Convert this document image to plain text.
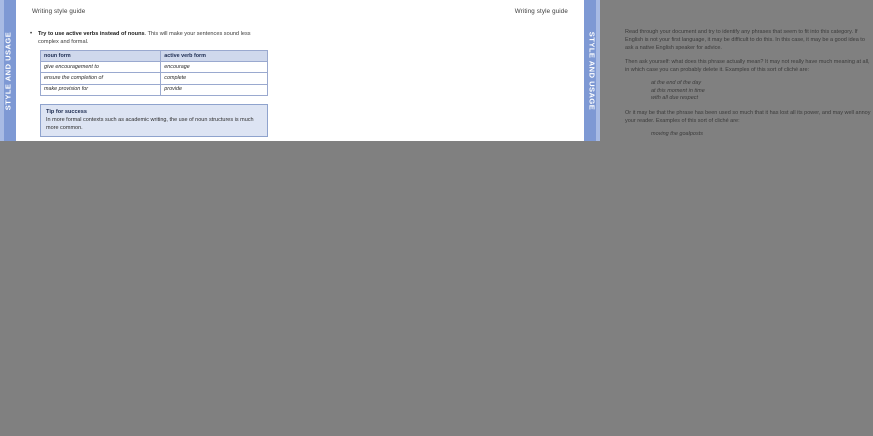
Writing style guide
•	Try to use active verbs instead of nouns. This will make your sentences sound less complex and formal.
noun form	active verb form
give encouragement to	encourage
ensure the completion of	complete
make provision for	provide
Tip for success
In more formal contexts such as academic writing, the use of noun structures is much more common.
Writing style guide

Read through your document and try to identify any phrases that seem to fit into this category. If English is not your first language, it may be difficult to do this. In this case, it may be a good idea to ask a native English speaker for advice.

Then ask yourself: what does this phrase actually mean? It may not really have much meaning at all, in which case you can probably delete it. Examples of this sort of cliché are:

at the end of the day
at this moment in time
with all due respect

Or it may be that the phrase has been used so much that it has lost all its power, and may well annoy your reader. Examples of this sort of cliché are:

moving the goalposts
STYLE AND USAGE	STYLE AND USAGE
